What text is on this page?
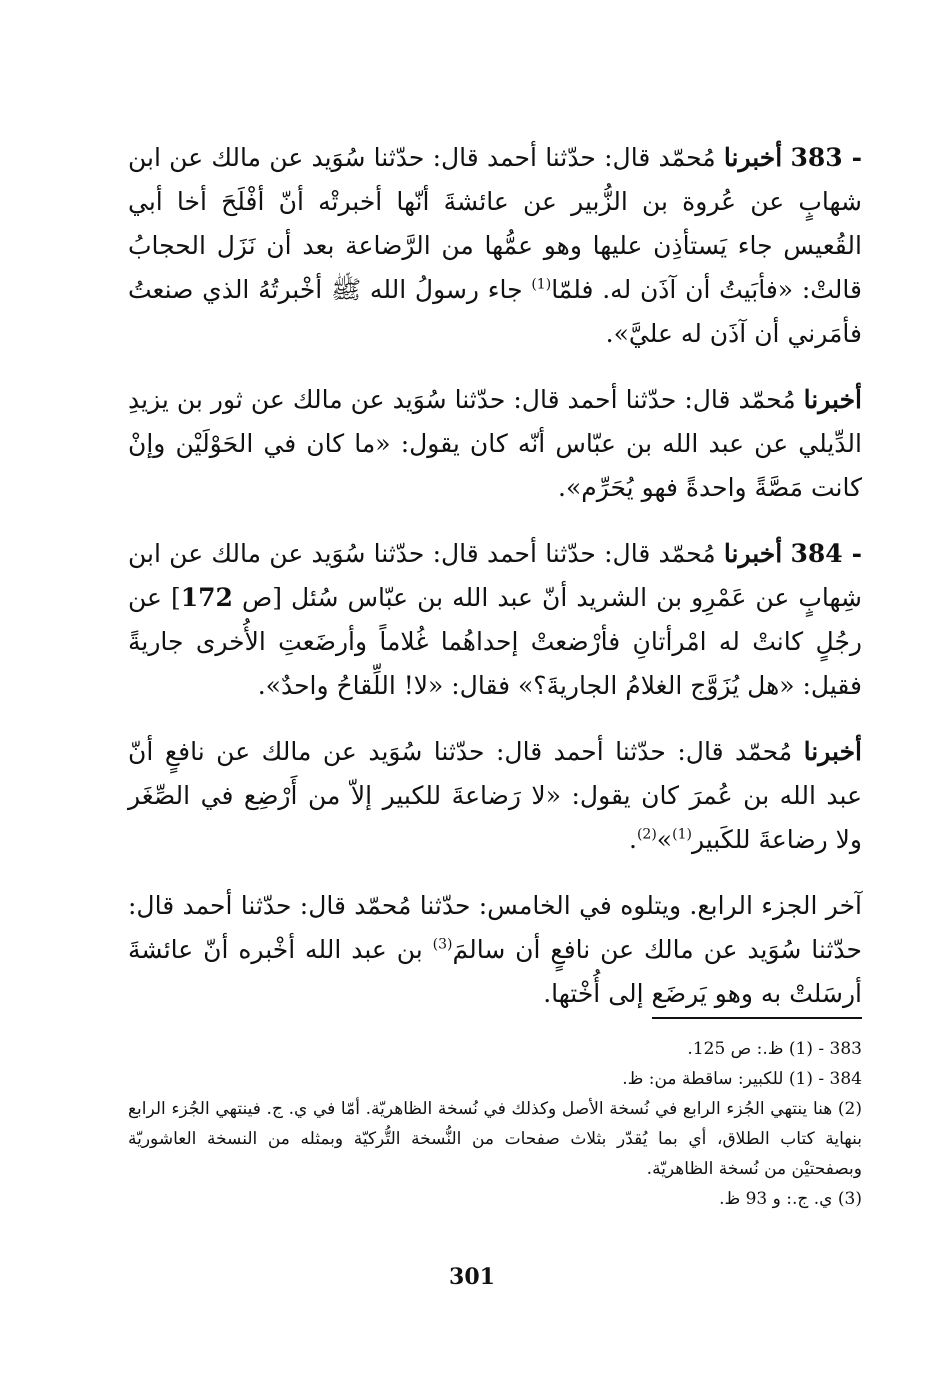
383 - أخبرنا مُحمّد قال: حدّثنا أحمد قال: حدّثنا سُوَيد عن مالك عن ابن شهابٍ عن عُروة بن الزُّبير عن عائشةَ أنّها أخبرتْه أنّ أفْلَحَ أخا أبي القُعيس جاء يَستأذِن عليها وهو عمُّها من الرَّضاعة بعد أن نَزَل الحجابُ قالتْ: «فأبَيتُ أن آذَن له. فلمّا$^{(1)}$ جاء رسولُ الله ﷺ أخْبرتُهُ الذي صنعتُ فأمَرني أن آذَن له عليَّ».

أخبرنا مُحمّد قال: حدّثنا أحمد قال: حدّثنا سُوَيد عن مالك عن ثور بن يزيدِ الدِّيلي عن عبد الله بن عبّاس أنّه كان يقول: «ما كان في الحَوْلَيْن وإنْ كانت مَصَّةً واحدةً فهو يُحَرِّم».

384 - أخبرنا مُحمّد قال: حدّثنا أحمد قال: حدّثنا سُوَيد عن مالك عن ابن شِهابٍ عن عَمْرِو بن الشريد أنّ عبد الله بن عبّاس سُئل [ص 172] عن رجُلٍ كانتْ له امْرأتانِ فأرْضعتْ إحداهُما غُلاماً وأرضَعتِ الأُخرى جاريةً فقيل: «هل يُزَوَّج الغلامُ الجاريةَ؟» فقال: «لا! اللِّقاحُ واحدٌ».

أخبرنا مُحمّد قال: حدّثنا أحمد قال: حدّثنا سُوَيد عن مالك عن نافعٍ أنّ عبد الله بن عُمرَ كان يقول: «لا رَضاعةَ للكبير إلاّ من أَرْضِع في الصِّغَر ولا رضاعةَ للكَبير$^{(1)}$»$^{(2)}$.

آخر الجزء الرابع. ويتلوه في الخامس: حدّثنا مُحمّد قال: حدّثنا أحمد قال: حدّثنا سُوَيد عن مالك عن نافعٍ أن سالمَ$^{(3)}$ بن عبد الله أخْبره أنّ عائشةَ أرسَلتْ به وهو يَرضَع إلى أُخْتها.

383 - (1) ظ.: ص 125.

384 - (1) للكبير: ساقطة من: ظ.

(2) هنا ينتهي الجُزء الرابع في نُسخة الأصل وكذلك في نُسخة الظاهريّة. أمّا في ي. ج. فينتهي الجُزء الرابع بنهاية كتاب الطلاق، أي بما يُقدّر بثلاث صفحات من النُّسخة التُّركيّة وبمثله من النسخة العاشوريّة وبصفحتيْن من نُسخة الظاهريّة.

(3) ي. ج.: و 93 ظ.

301
